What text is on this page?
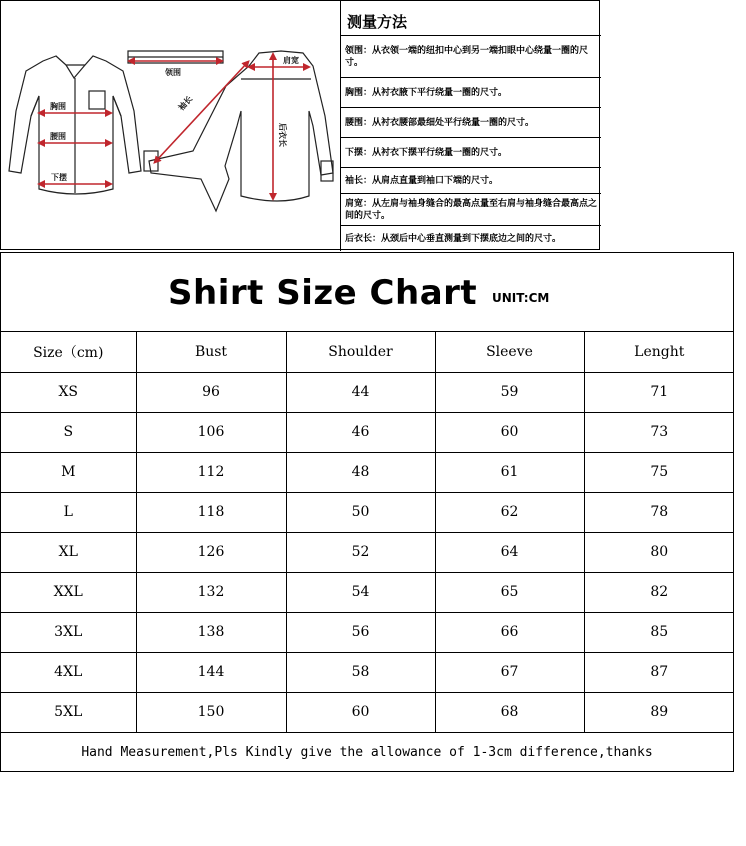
胸围
腰围
下摆
领围
肩宽
袖长
后衣长
测量方法
领围：从衣领一端的纽扣中心到另一端扣眼中心绕量一圈的尺寸。
胸围：从衬衣腋下平行绕量一圈的尺寸。
腰围：从衬衣腰部最细处平行绕量一圈的尺寸。
下摆：从衬衣下摆平行绕量一圈的尺寸。
袖长：从肩点直量到袖口下端的尺寸。
肩宽：从左肩与袖身缝合的最高点量至右肩与袖身缝合最高点之间的尺寸。
后衣长：从颈后中心垂直测量到下摆底边之间的尺寸。
Shirt Size Chart UNIT:CM
Size（cm)	Bust	Shoulder	Sleeve	Lenght
XS	96	44	59	71
S	106	46	60	73
M	112	48	61	75
L	118	50	62	78
XL	126	52	64	80
XXL	132	54	65	82
3XL	138	56	66	85
4XL	144	58	67	87
5XL	150	60	68	89
Hand Measurement,Pls Kindly give the allowance of 1-3cm difference,thanks
